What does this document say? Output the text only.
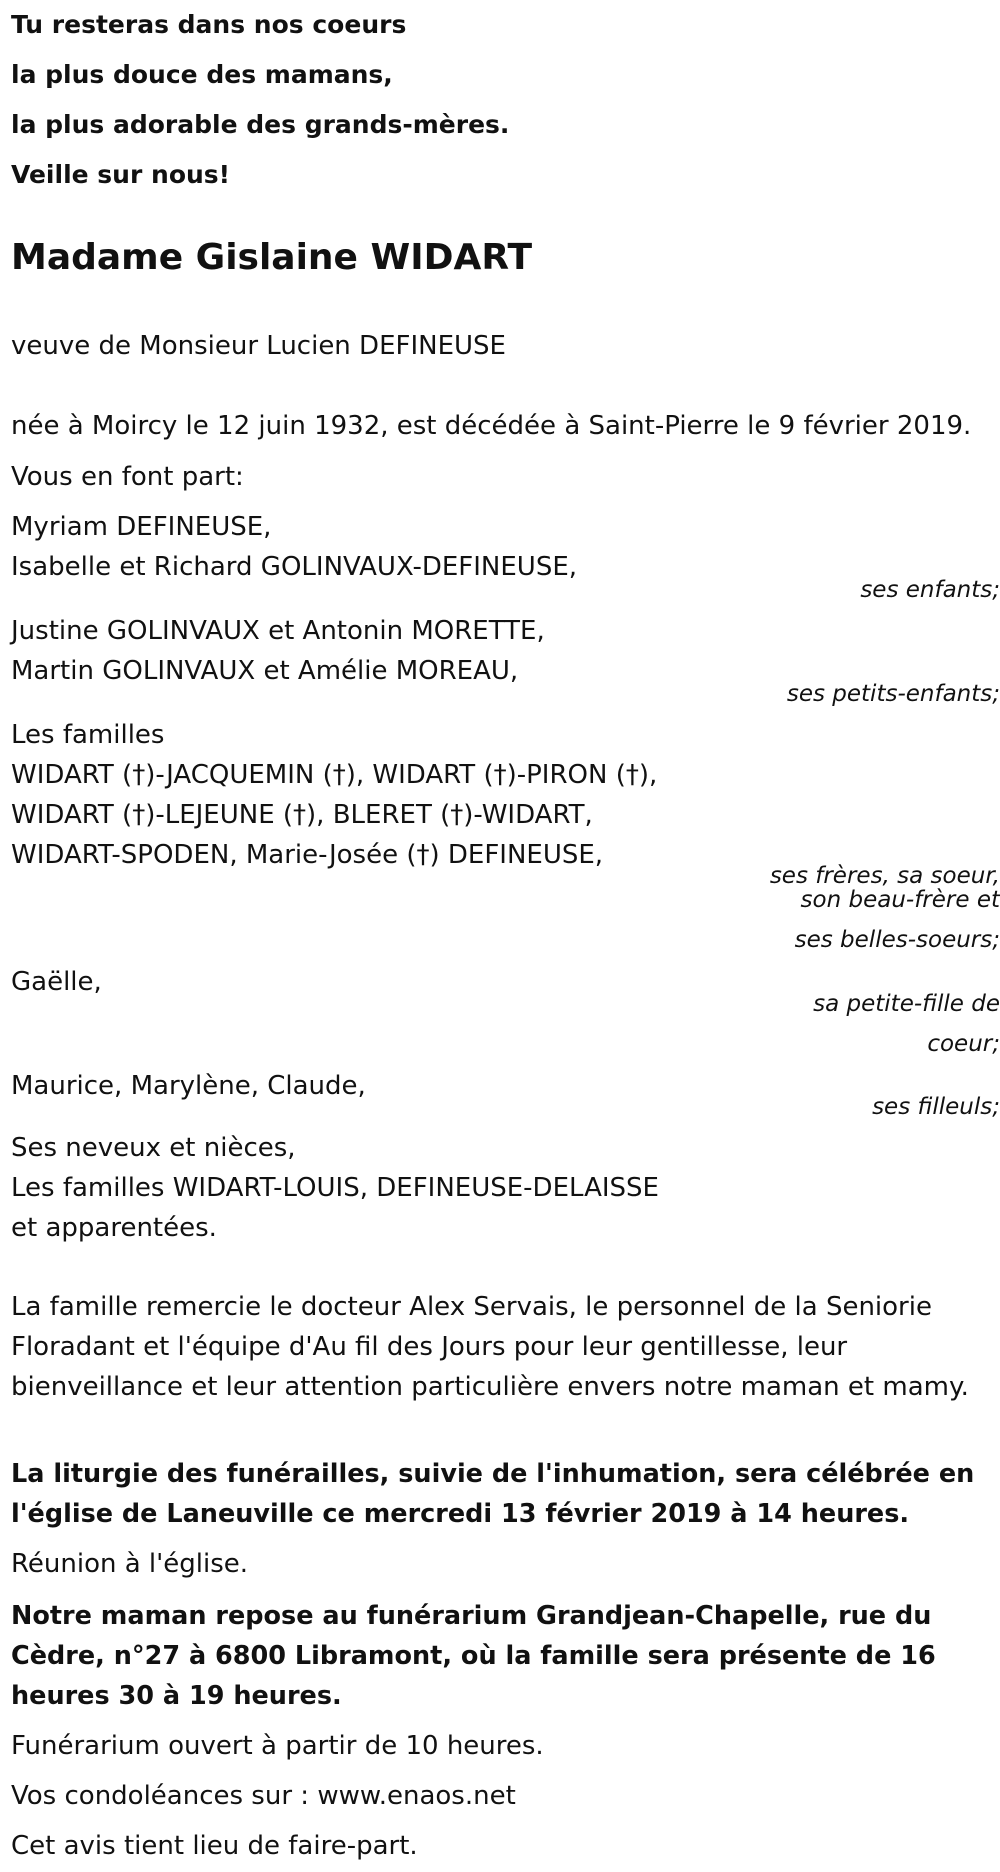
Tu resteras dans nos coeurs
la plus douce des mamans,
la plus adorable des grands-mères.
Veille sur nous!
Madame Gislaine WIDART
veuve de Monsieur Lucien DEFINEUSE
née à Moircy le 12 juin 1932, est décédée à Saint-Pierre le 9 février 2019.
Vous en font part:
Myriam DEFINEUSE,
Isabelle et Richard GOLINVAUX-DEFINEUSE,
ses enfants;
Justine GOLINVAUX et Antonin MORETTE,
Martin GOLINVAUX et Amélie MOREAU,
ses petits-enfants;
Les familles
WIDART (†)-JACQUEMIN (†), WIDART (†)-PIRON (†),
WIDART (†)-LEJEUNE (†), BLERET (†)-WIDART,
WIDART-SPODEN, Marie-Josée (†) DEFINEUSE,
ses frères, sa soeur,
son beau-frère et
ses belles-soeurs;
Gaëlle,
sa petite-fille de
coeur;
Maurice, Marylène, Claude,
ses filleuls;
Ses neveux et nièces,
Les familles WIDART-LOUIS, DEFINEUSE-DELAISSE
et apparentées.
La famille remercie le docteur Alex Servais, le personnel de la Seniorie Floradant et l'équipe d'Au fil des Jours pour leur gentillesse, leur bienveillance et leur attention particulière envers notre maman et mamy.
La liturgie des funérailles, suivie de l'inhumation, sera célébrée en l'église de Laneuville ce mercredi 13 février 2019 à 14 heures.
Réunion à l'église.
Notre maman repose au funérarium Grandjean-Chapelle, rue du Cèdre, n°27 à 6800 Libramont, où la famille sera présente de 16 heures 30 à 19 heures.
Funérarium ouvert à partir de 10 heures.
Vos condoléances sur : www.enaos.net
Cet avis tient lieu de faire-part.
